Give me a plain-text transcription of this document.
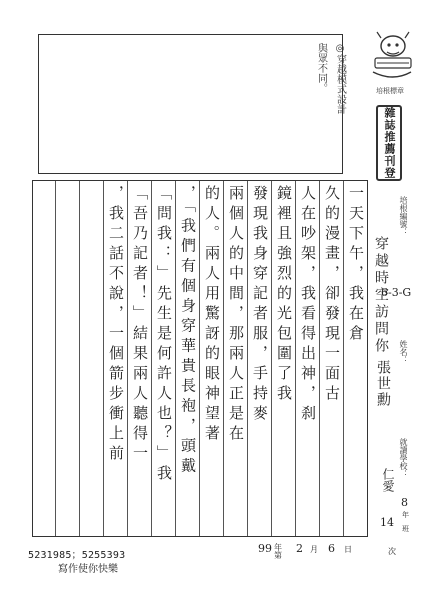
◎穿越模式設計
與眾不同。	培根標章
雜誌推薦刊登
一天下午，我在倉
久的漫畫，卻發現一面古
人在吵架，我看得出神，刹
鏡裡且強烈的光包圍了我
發現我身穿記者服，手持麥
兩個人的中間，那兩人正是在
的人。兩人用驚訝的眼神望著
，「我們有個身穿華貴長袍，頭戴
「問我：」先生是何許人也？」我
「吾乃記者！」結果兩人聽得一
，我二話不說，一個箭步衝上前	培根編號：
6-3-G
穿越時空訪問你 姓名：
張世勳
就讀學校：
仁愛
8
年
14 班
5231985；5255393
寫作使你快樂
99 年
第
2 月 6 日	次
